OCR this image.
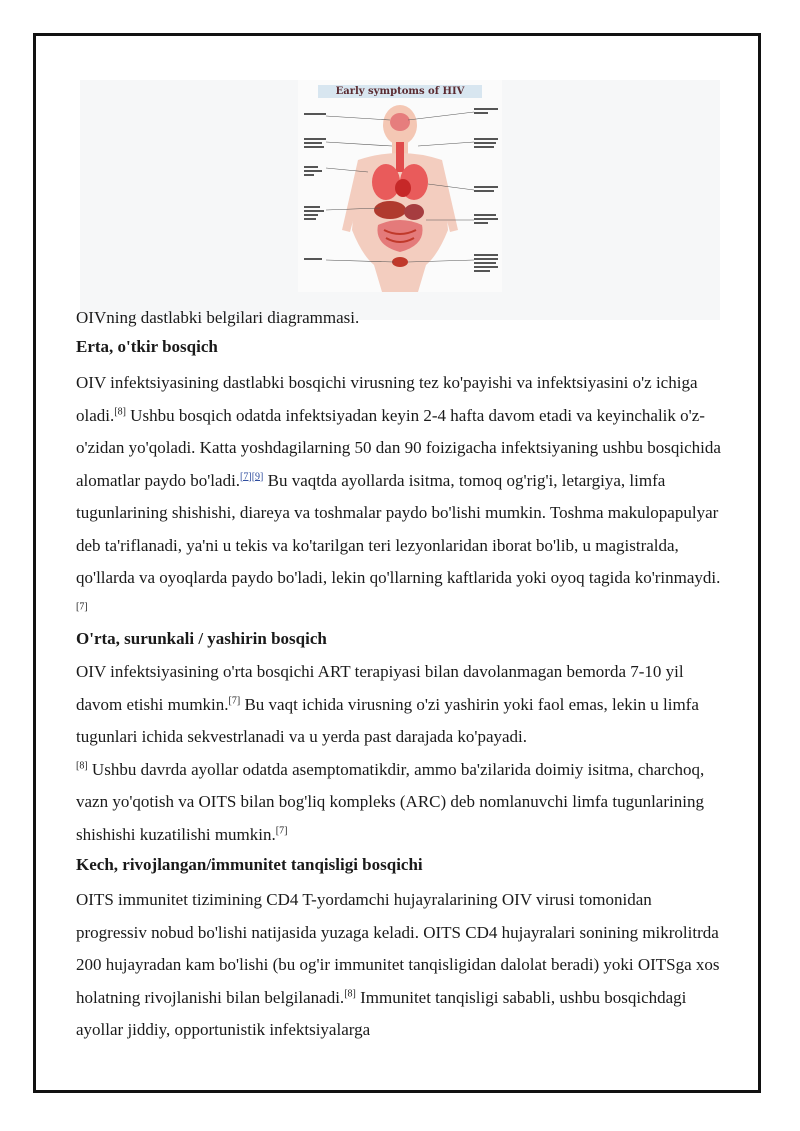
Early symptoms of HIV
OIVning dastlabki belgilari diagrammasi.
Erta, o'tkir bosqich

OIV infektsiyasining dastlabki bosqichi virusning tez ko'payishi va infektsiyasini o'z ichiga oladi.[8] Ushbu bosqich odatda infektsiyadan keyin 2-4 hafta davom etadi va keyinchalik o'z-o'zidan yo'qoladi. Katta yoshdagilarning 50 dan 90 foizigacha infektsiyaning ushbu bosqichida alomatlar paydo bo'ladi.[7][9] Bu vaqtda ayollarda isitma, tomoq og'rig'i, letargiya, limfa tugunlarining shishishi, diareya va toshmalar paydo bo'lishi mumkin. Toshma makulopapulyar deb ta'riflanadi, ya'ni u tekis va ko'tarilgan teri lezyonlaridan iborat bo'lib, u magistralda, qo'llarda va oyoqlarda paydo bo'ladi, lekin qo'llarning kaftlarida yoki oyoq tagida ko'rinmaydi.[7]

O'rta, surunkali / yashirin bosqich

OIV infektsiyasining o'rta bosqichi ART terapiyasi bilan davolanmagan bemorda 7-10 yil davom etishi mumkin.[7] Bu vaqt ichida virusning o'zi yashirin yoki faol emas, lekin u limfa tugunlari ichida sekvestrlanadi va u yerda past darajada ko'payadi.
[8] Ushbu davrda ayollar odatda asemptomatikdir, ammo ba'zilarida doimiy isitma, charchoq, vazn yo'qotish va OITS bilan bog'liq kompleks (ARC) deb nomlanuvchi limfa tugunlarining shishishi kuzatilishi mumkin.[7]

Kech, rivojlangan/immunitet tanqisligi bosqichi

OITS immunitet tizimining CD4 T-yordamchi hujayralarining OIV virusi tomonidan progressiv nobud bo'lishi natijasida yuzaga keladi. OITS CD4 hujayralari sonining mikrolitrda 200 hujayradan kam bo'lishi (bu og'ir immunitet tanqisligidan dalolat beradi) yoki OITSga xos holatning rivojlanishi bilan belgilanadi.[8] Immunitet tanqisligi sababli, ushbu bosqichdagi ayollar jiddiy, opportunistik infektsiyalarga
